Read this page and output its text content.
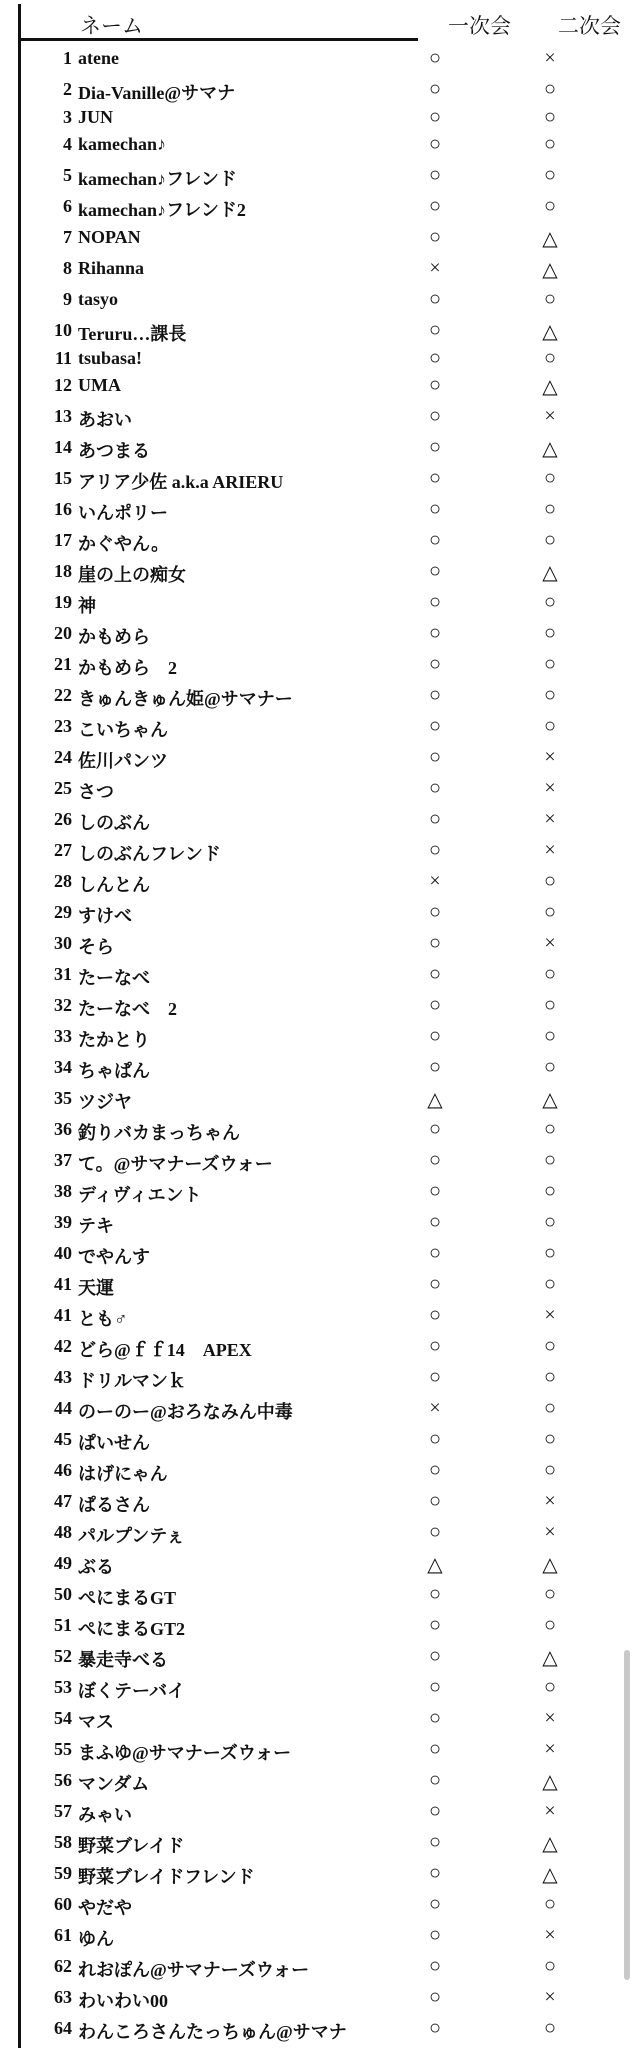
ネーム	一次会 二次会
1 atene	○	×
2 Dia-Vanille@サマナ	○	○
3 JUN	○	○
4 kamechan♪	○	○
5 kamechan♪フレンド	○	○
6 kamechan♪フレンド2	○	○
7 NOPAN	○	△
8 Rihanna	×	△
9 tasyo	○	○
10 Teruru…課長	○	△
11 tsubasa!	○	○
12 UMA	○	△
13 あおい	○	×
14 あつまる	○	△
15 アリア少佐 a.k.a ARIERU	○	○
16 いんポリー	○	○
17 かぐやん。	○	○
18 崖の上の痴女	○	△
19 神	○	○
20 かもめら	○	○
21 かもめら　2	○	○
22 きゅんきゅん姫@サマナー	○	○
23 こいちゃん	○	○
24 佐川パンツ	○	×
25 さつ	○	×
26 しのぶん	○	×
27 しのぶんフレンド	○	×
28 しんとん	×	○
29 すけべ	○	○
30 そら	○	×
31 たーなべ	○	○
32 たーなべ　2	○	○
33 たかとり	○	○
34 ちゃぱん	○	○
35 ツジヤ	△	△
36 釣りバカまっちゃん	○	○
37 て。@サマナーズウォー	○	○
38 ディヴィエント	○	○
39 テキ	○	○
40 でやんす	○	○
41 天運	○	○
41 とも♂	○	×
42 どら@ｆｆ14　APEX	○	○
43 ドリルマンｋ	○	○
44 のーのー@おろなみん中毒	×	○
45 ぱいせん	○	○
46 はげにゃん	○	○
47 ぱるさん	○	×
48 パルプンテぇ	○	×
49 ぶる	△	△
50 ぺにまるGT	○	○
51 ぺにまるGT2	○	○
52 暴走寺べる	○	△
53 ぼくテーバイ	○	○
54 マス	○	×
55 まふゆ@サマナーズウォー	○	×
56 マンダム	○	△
57 みゃい	○	×
58 野菜ブレイド	○	△
59 野菜ブレイドフレンド	○	△
60 やだや	○	○
61 ゆん	○	×
62 れおぽん@サマナーズウォー	○	○
63 わいわい00	○	×
64 わんころさんたっちゅん@サマナ	○	○
